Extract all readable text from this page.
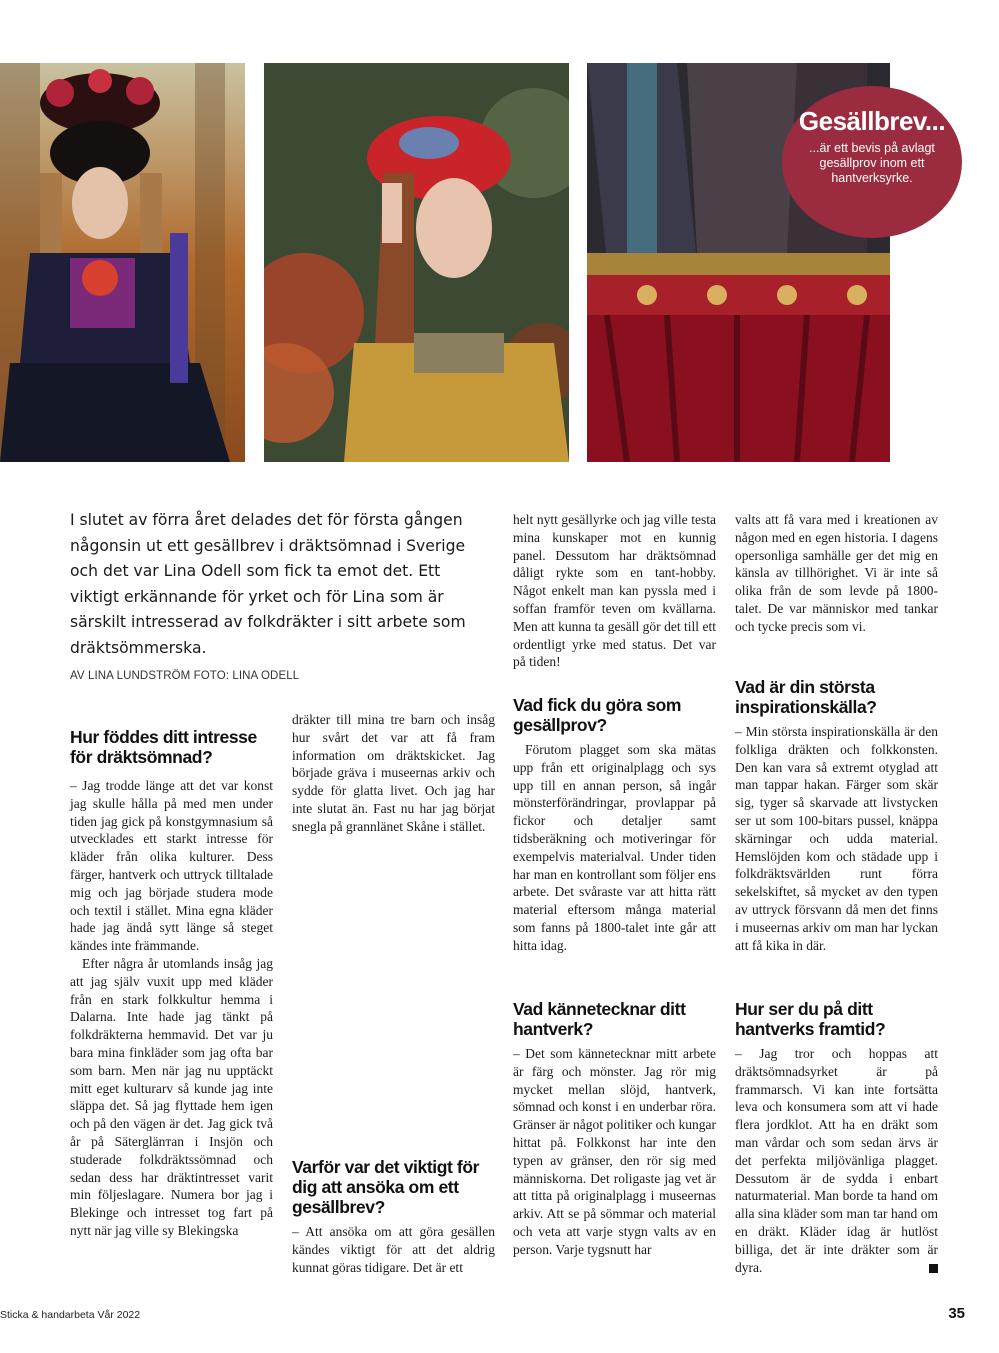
Gesällbrev...
...är ett bevis på avlagt gesällprov inom ett hantverksyrke.
I slutet av förra året delades det för första gången någonsin ut ett gesällbrev i dräktsömnad i Sverige och det var Lina Odell som fick ta emot det. Ett viktigt erkännande för yrket och för Lina som är särskilt intresserad av folkdräkter i sitt arbete som dräktsömmerska.
AV LINA LUNDSTRÖM FOTO: LINA ODELL
Hur föddes ditt intresse för dräktsömnad?

– Jag trodde länge att det var konst jag skulle hålla på med men under tiden jag gick på konstgymnasium så utvecklades ett starkt intresse för kläder från olika kulturer. Dess färger, hantverk och uttryck tilltalade mig och jag började studera mode och textil i stället. Mina egna kläder hade jag ändå sytt länge så steget kändes inte främmande.

Efter några år utomlands insåg jag att jag själv vuxit upp med kläder från en stark folkkultur hemma i Dalarna. Inte hade jag tänkt på folkdräkterna hemmavid. Det var ju bara mina finkläder som jag ofta bar som barn. Men när jag nu upptäckt mitt eget kulturarv så kunde jag inte släppa det. Så jag flyttade hem igen och på den vägen är det. Jag gick två år på Säterglänтan i Insjön och studerade folkdräktssömnad och sedan dess har dräktintresset varit min följeslagare. Numera bor jag i Blekinge och intresset tog fart på nytt när jag ville sy Blekingska

dräkter till mina tre barn och insåg hur svårt det var att få fram information om dräktskicket. Jag började gräva i museernas arkiv och sydde för glatta livet. Och jag har inte slutat än. Fast nu har jag börjat snegla på grannlänet Skåne i stället.

Varför var det viktigt för dig att ansöka om ett gesällbrev?

– Att ansöka om att göra gesällen kändes viktigt för att det aldrig kunnat göras tidigare. Det är ett

helt nytt gesällyrke och jag ville testa mina kunskaper mot en kunnig panel. Dessutom har dräktsömnad dåligt rykte som en tant-hobby. Något enkelt man kan pyssla med i soffan framför teven om kvällarna. Men att kunna ta gesäll gör det till ett ordentligt yrke med status. Det var på tiden!

Vad fick du göra som gesällprov?

Förutom plagget som ska mätas upp från ett originalplagg och sys upp till en annan person, så ingår mönsterförändringar, provlappar på fickor och detaljer samt tidsberäkning och motiveringar för exempelvis materialval. Under tiden har man en kontrollant som följer ens arbete. Det svåraste var att hitta rätt material eftersom många material som fanns på 1800-talet inte går att hitta idag.

Vad kännetecknar ditt hantverk?

– Det som kännetecknar mitt arbete är färg och mönster. Jag rör mig mycket mellan slöjd, hantverk, sömnad och konst i en underbar röra. Gränser är något politiker och kungar hittat på. Folkkonst har inte den typen av gränser, den rör sig med människorna. Det roligaste jag vet är att titta på originalplagg i museernas arkiv. Att se på sömmar och material och veta att varje stygn valts av en person. Varje tygsnutt har

valts att få vara med i kreationen av någon med en egen historia. I dagens opersonliga samhälle ger det mig en känsla av tillhörighet. Vi är inte så olika från de som levde på 1800-talet. De var människor med tankar och tycke precis som vi.

Vad är din största inspirationskälla?

– Min största inspirationskälla är den folkliga dräkten och folkkonsten. Den kan vara så extremt otyglad att man tappar hakan. Färger som skär sig, tyger så skarvade att livstycken ser ut som 100-bitars pussel, knäppa skärningar och udda material. Hemslöjden kom och städade upp i folkdräktsvärlden runt förra sekelskiftet, så mycket av den typen av uttryck försvann då men det finns i museernas arkiv om man har lyckan att få kika in där.

Hur ser du på ditt hantverks framtid?

– Jag tror och hoppas att dräktsömnadsyrket är på frammarsch. Vi kan inte fortsätta leva och konsumera som att vi hade flera jordklot. Att ha en dräkt som man vårdar och som sedan ärvs är det perfekta miljövänliga plagget. Dessutom är de sydda i enbart naturmaterial. Man borde ta hand om alla sina kläder som man tar hand om en dräkt. Kläder idag är hutlöst billiga, det är inte dräkter som är dyra.

Sticka & handarbeta Vår 2022	35
